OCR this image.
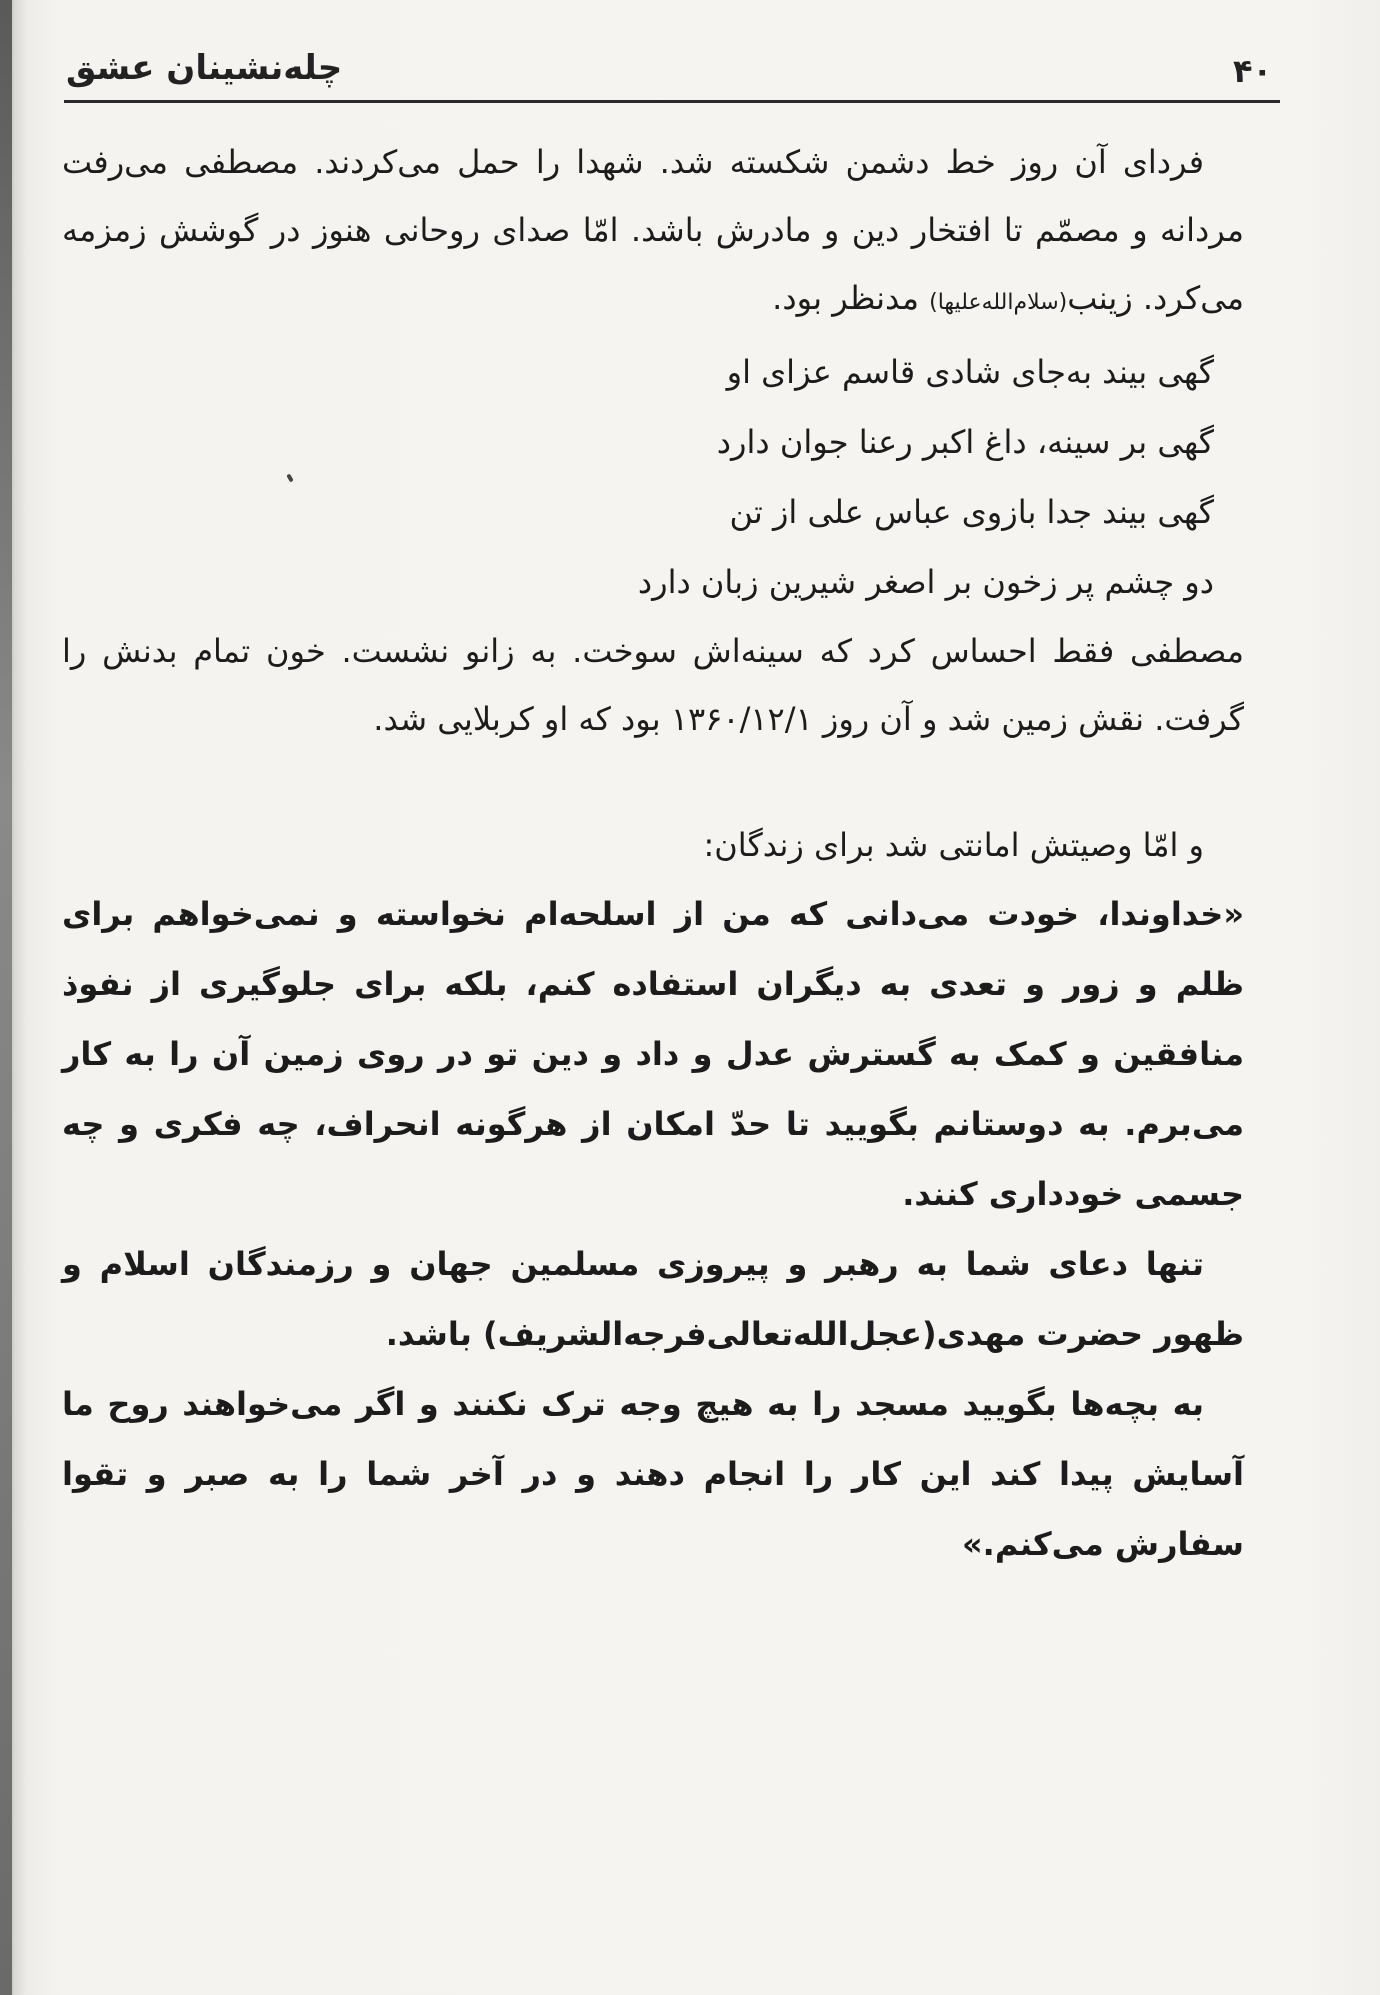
۴۰
چله‌نشینان عشق

فردای آن روز خط دشمن شکسته شد. شهدا را حمل می‌کردند. مصطفی می‌رفت مردانه و مصمّم تا افتخار دین و مادرش باشد. امّا صدای روحانی هنوز در گوشش زمزمه می‌کرد. زینب(سلام‌الله‌علیها) مدنظر بود.

گهی بیند به‌جای شادی قاسم عزای او
گهی بر سینه، داغ اکبر رعنا جوان دارد
گهی بیند جدا بازوی عباس علی از تن
دو چشم پر زخون بر اصغر شیرین زبان دارد

مصطفی فقط احساس کرد که سینه‌اش سوخت. به زانو نشست. خون تمام بدنش را گرفت. نقش زمین شد و آن روز ۱۳۶۰/۱۲/۱ بود که او کربلایی شد.

و امّا وصیتش امانتی شد برای زندگان:

«خداوندا، خودت می‌دانی که من از اسلحه‌ام نخواسته و نمی‌خواهم برای ظلم و زور و تعدی به دیگران استفاده کنم، بلکه برای جلوگیری از نفوذ منافقین و کمک به گسترش عدل و داد و دین تو در روی زمین آن را به کار می‌برم. به دوستانم بگویید تا حدّ امکان از هرگونه انحراف، چه فکری و چه جسمی خودداری کنند.

تنها دعای شما به رهبر و پیروزی مسلمین جهان و رزمندگان اسلام و ظهور حضرت مهدی(عجل‌الله‌تعالی‌فرجه‌الشریف) باشد.

به بچه‌ها بگویید مسجد را به هیچ وجه ترک نکنند و اگر می‌خواهند روح ما آسایش پیدا کند این کار را انجام دهند و در آخر شما را به صبر و تقوا سفارش می‌کنم.»
